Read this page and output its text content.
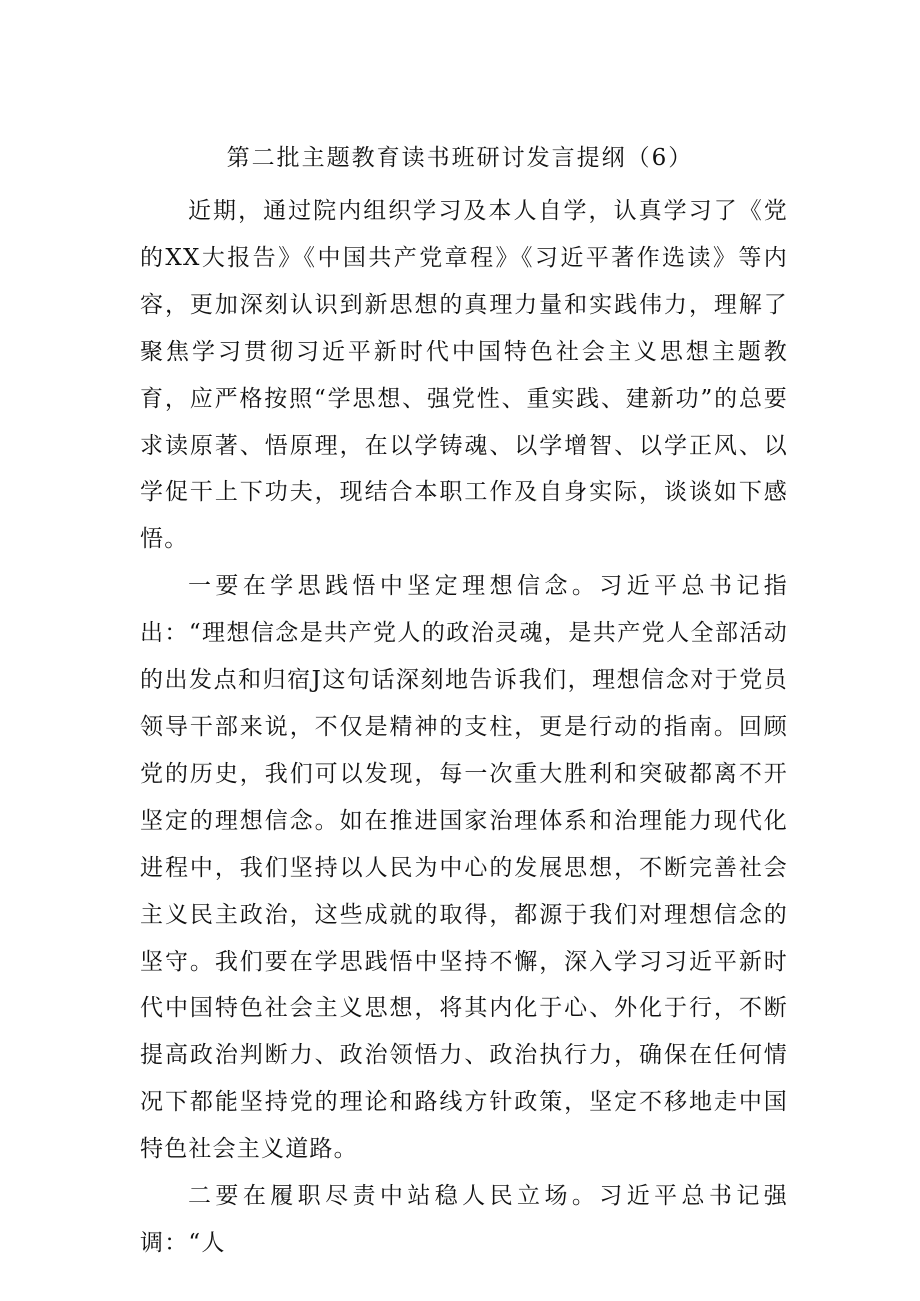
第二批主题教育读书班研讨发言提纲（6）

近期，通过院内组织学习及本人自学，认真学习了《党的XX大报告》《中国共产党章程》《习近平著作选读》等内容，更加深刻认识到新思想的真理力量和实践伟力，理解了聚焦学习贯彻习近平新时代中国特色社会主义思想主题教育，应严格按照“学思想、强党性、重实践、建新功”的总要求读原著、悟原理，在以学铸魂、以学增智、以学正风、以学促干上下功夫，现结合本职工作及自身实际，谈谈如下感悟。

一要在学思践悟中坚定理想信念。习近平总书记指出：“理想信念是共产党人的政治灵魂，是共产党人全部活动的出发点和归宿J这句话深刻地告诉我们，理想信念对于党员领导干部来说，不仅是精神的支柱，更是行动的指南。回顾党的历史，我们可以发现，每一次重大胜利和突破都离不开坚定的理想信念。如在推进国家治理体系和治理能力现代化进程中，我们坚持以人民为中心的发展思想，不断完善社会主义民主政治，这些成就的取得，都源于我们对理想信念的坚守。我们要在学思践悟中坚持不懈，深入学习习近平新时代中国特色社会主义思想，将其内化于心、外化于行，不断提高政治判断力、政治领悟力、政治执行力，确保在任何情况下都能坚持党的理论和路线方针政策，坚定不移地走中国特色社会主义道路。

二要在履职尽责中站稳人民立场。习近平总书记强调：“人
